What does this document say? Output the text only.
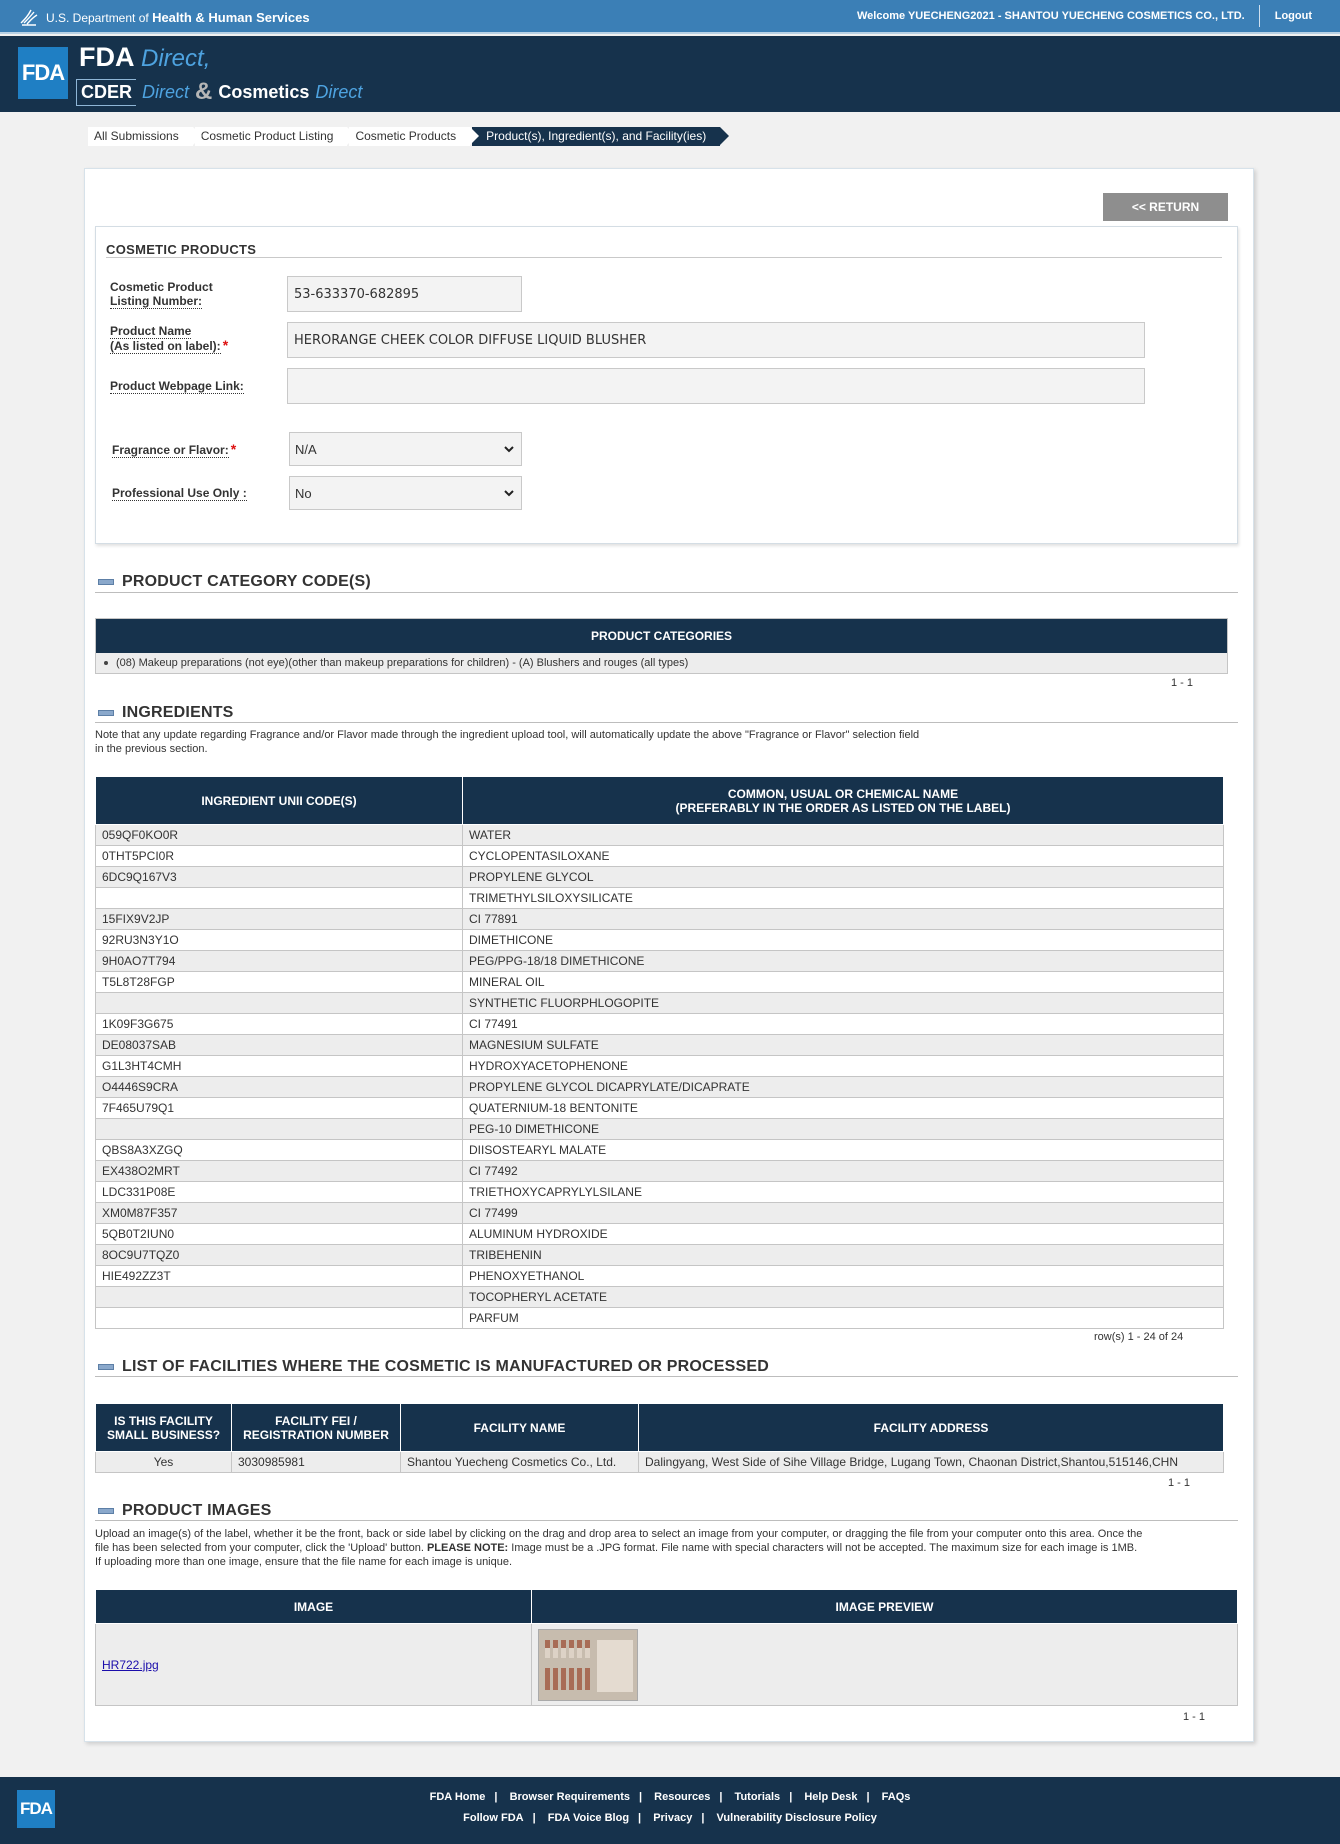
U.S. Department of Health & Human Services	Welcome YUECHENG2021 - SHANTOU YUECHENG COSMETICS CO., LTD.	Logout
FDA
FDA Direct,
CDER Direct & Cosmetics Direct
All Submissions	Cosmetic Product Listing	Cosmetic Products	Product(s), Ingredient(s), and Facility(ies)
<< RETURN
COSMETIC PRODUCTS
Cosmetic Product
Listing Number:	53-633370-682895
Product Name
(As listed on label): *	HERORANGE CHEEK COLOR DIFFUSE LIQUID BLUSHER
Product Webpage Link:
Fragrance or Flavor: *	N/A
Professional Use Only :	No
PRODUCT CATEGORY CODE(S)
PRODUCT CATEGORIES
(08) Makeup preparations (not eye)(other than makeup preparations for children) - (A) Blushers and rouges (all types)
1 - 1
INGREDIENTS
Note that any update regarding Fragrance and/or Flavor made through the ingredient upload tool, will automatically update the above "Fragrance or Flavor" selection field
in the previous section.
INGREDIENT UNII CODE(S)	COMMON, USUAL OR CHEMICAL NAME
(PREFERABLY IN THE ORDER AS LISTED ON THE LABEL)
059QF0KO0R	WATER
0THT5PCI0R	CYCLOPENTASILOXANE
6DC9Q167V3	PROPYLENE GLYCOL
	TRIMETHYLSILOXYSILICATE
15FIX9V2JP	CI 77891
92RU3N3Y1O	DIMETHICONE
9H0AO7T794	PEG/PPG-18/18 DIMETHICONE
T5L8T28FGP	MINERAL OIL
	SYNTHETIC FLUORPHLOGOPITE
1K09F3G675	CI 77491
DE08037SAB	MAGNESIUM SULFATE
G1L3HT4CMH	HYDROXYACETOPHENONE
O4446S9CRA	PROPYLENE GLYCOL DICAPRYLATE/DICAPRATE
7F465U79Q1	QUATERNIUM-18 BENTONITE
	PEG-10 DIMETHICONE
QBS8A3XZGQ	DIISOSTEARYL MALATE
EX438O2MRT	CI 77492
LDC331P08E	TRIETHOXYCAPRYLYLSILANE
XM0M87F357	CI 77499
5QB0T2IUN0	ALUMINUM HYDROXIDE
8OC9U7TQZ0	TRIBEHENIN
HIE492ZZ3T	PHENOXYETHANOL
	TOCOPHERYL ACETATE
	PARFUM
row(s) 1 - 24 of 24
LIST OF FACILITIES WHERE THE COSMETIC IS MANUFACTURED OR PROCESSED
IS THIS FACILITY
SMALL BUSINESS?	FACILITY FEI /
REGISTRATION NUMBER	FACILITY NAME	FACILITY ADDRESS
Yes	3030985981	Shantou Yuecheng Cosmetics Co., Ltd.	Dalingyang, West Side of Sihe Village Bridge, Lugang Town, Chaonan District,Shantou,515146,CHN
1 - 1
PRODUCT IMAGES
Upload an image(s) of the label, whether it be the front, back or side label by clicking on the drag and drop area to select an image from your computer, or dragging the file from your computer onto this area. Once the
file has been selected from your computer, click the 'Upload' button. PLEASE NOTE: Image must be a .JPG format. File name with special characters will not be accepted. The maximum size for each image is 1MB.
If uploading more than one image, ensure that the file name for each image is unique.
IMAGE	IMAGE PREVIEW
HR722.jpg	
1 - 1
FDA
FDA Home | Browser Requirements | Resources | Tutorials | Help Desk | FAQs
Follow FDA | FDA Voice Blog | Privacy | Vulnerability Disclosure Policy
